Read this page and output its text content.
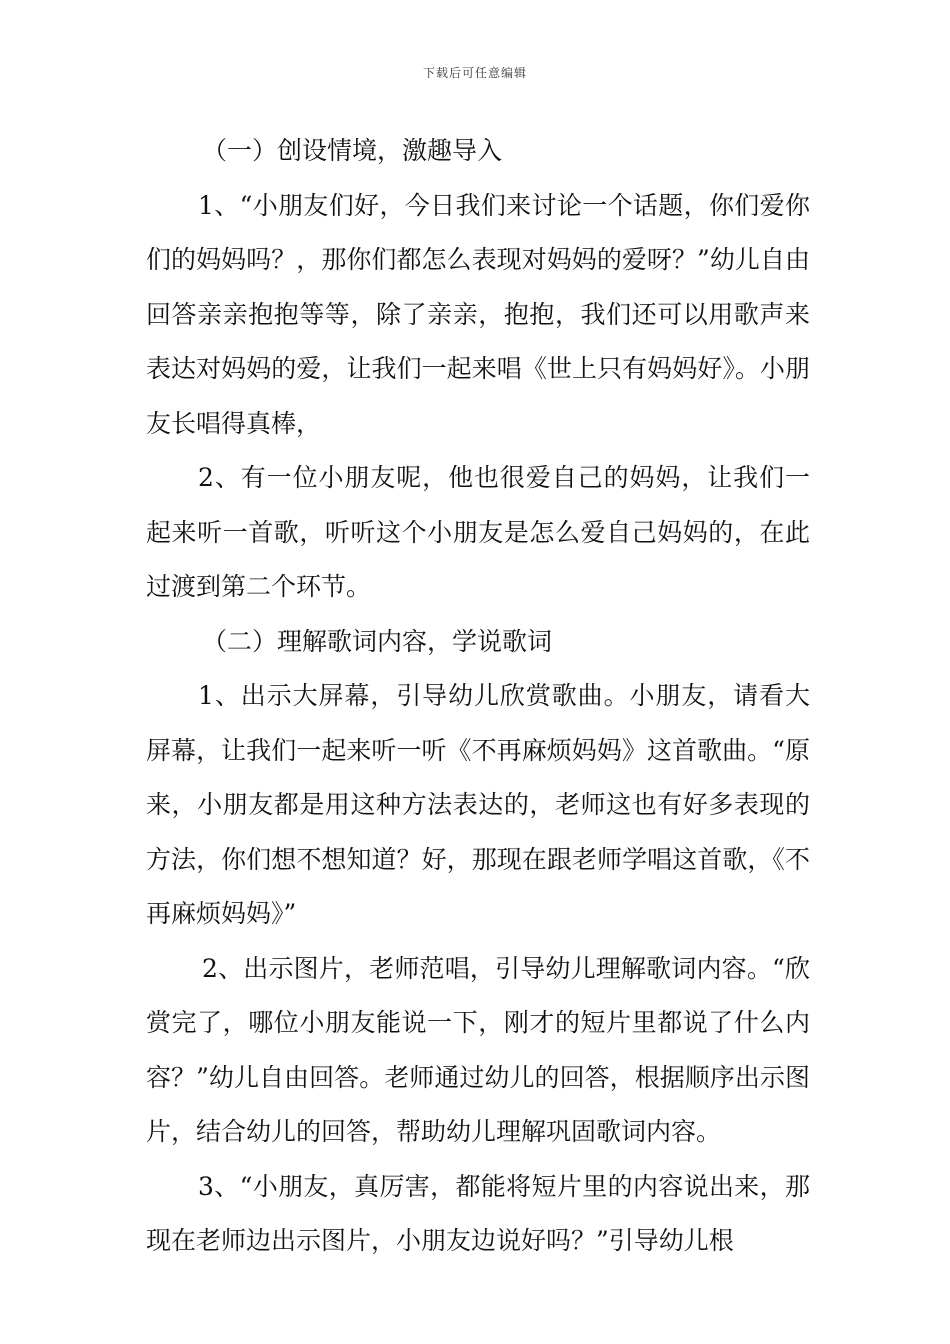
下载后可任意编辑

（一）创设情境，激趣导入

1、“小朋友们好，今日我们来讨论一个话题，你们爱你们的妈妈吗？，那你们都怎么表现对妈妈的爱呀？”幼儿自由回答亲亲抱抱等等，除了亲亲，抱抱，我们还可以用歌声来表达对妈妈的爱，让我们一起来唱《世上只有妈妈好》。小朋友长唱得真棒，

2、有一位小朋友呢，他也很爱自己的妈妈，让我们一起来听一首歌，听听这个小朋友是怎么爱自己妈妈的，在此过渡到第二个环节。

（二）理解歌词内容，学说歌词

1、出示大屏幕，引导幼儿欣赏歌曲。小朋友，请看大屏幕，让我们一起来听一听《不再麻烦妈妈》这首歌曲。“原来，小朋友都是用这种方法表达的，老师这也有好多表现的方法，你们想不想知道？好，那现在跟老师学唱这首歌，《不再麻烦妈妈》”

2、出示图片，老师范唱，引导幼儿理解歌词内容。“欣赏完了，哪位小朋友能说一下，刚才的短片里都说了什么内容？”幼儿自由回答。老师通过幼儿的回答，根据顺序出示图片，结合幼儿的回答，帮助幼儿理解巩固歌词内容。

3、“小朋友，真厉害，都能将短片里的内容说出来，那现在老师边出示图片，小朋友边说好吗？”引导幼儿根
